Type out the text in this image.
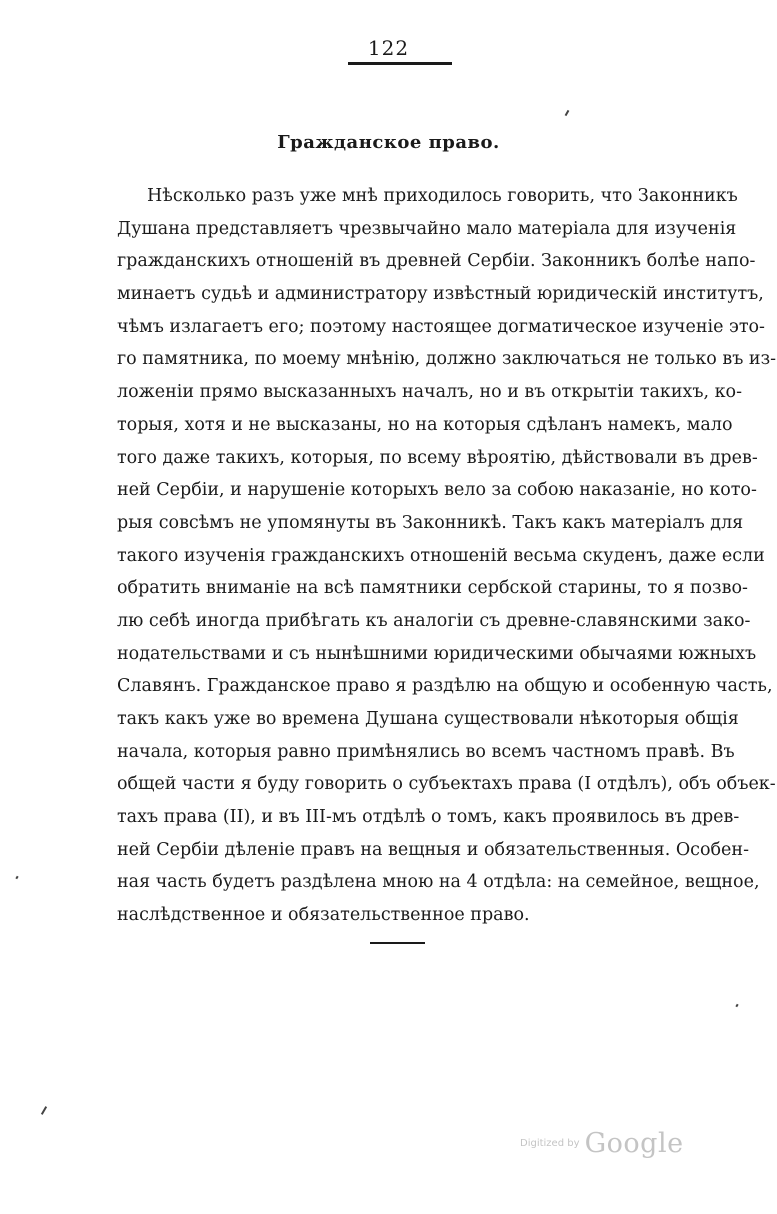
122
Гражданское право.
Нѣсколько разъ уже мнѣ приходилось говорить, что Законникъ
Душана представляетъ чрезвычайно мало матеріала для изученія
гражданскихъ отношеній въ древней Сербіи. Законникъ болѣе напо-
минаетъ судьѣ и администратору извѣстный юридическій институтъ,
чѣмъ излагаетъ его; поэтому настоящее догматическое изученіе это-
го памятника, по моему мнѣнію, должно заключаться не только въ из-
ложеніи прямо высказанныхъ началъ, но и въ открытіи такихъ, ко-
торыя, хотя и не высказаны, но на которыя сдѣланъ намекъ, мало
того даже такихъ, которыя, по всему вѣроятію, дѣйствовали въ древ-
ней Сербіи, и нарушеніе которыхъ вело за собою наказаніе, но кото-
рыя совсѣмъ не упомянуты въ Законникѣ. Такъ какъ матеріалъ для
такого изученія гражданскихъ отношеній весьма скуденъ, даже если
обратить вниманіе на всѣ памятники сербской старины, то я позво-
лю себѣ иногда прибѣгать къ аналогіи съ древне-славянскими зако-
нодательствами и съ нынѣшними юридическими обычаями южныхъ
Славянъ. Гражданское право я раздѣлю на общую и особенную часть,
такъ какъ уже во времена Душана существовали нѣкоторыя общія
начала, которыя равно примѣнялись во всемъ частномъ правѣ. Въ
общей части я буду говорить о субъектахъ права (I отдѣлъ), объ объек-
тахъ права (II), и въ III-мъ отдѣлѣ о томъ, какъ проявилось въ древ-
ней Сербіи дѣленіе правъ на вещныя и обязательственныя. Особен-
ная часть будетъ раздѣлена мною на 4 отдѣла: на семейное, вещное,
наслѣдственное и обязательственное право.
Digitized by Google
